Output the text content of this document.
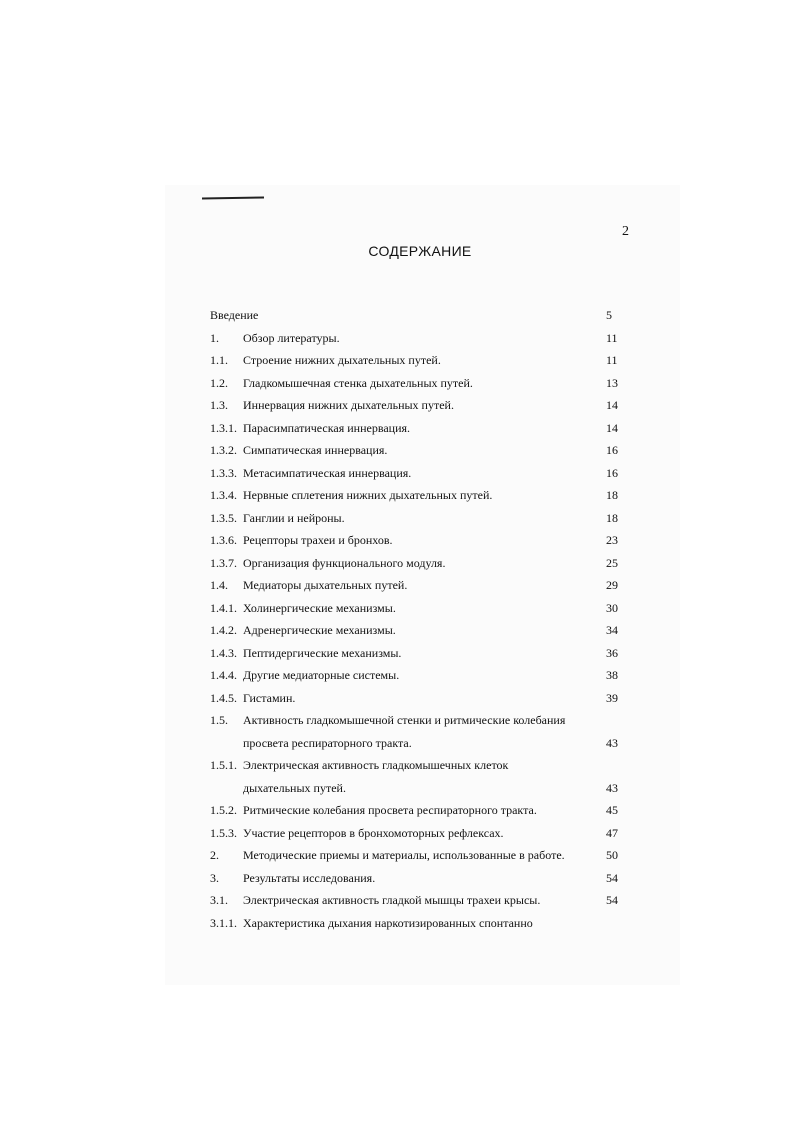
2
СОДЕРЖАНИЕ
Введение	5
1. Обзор литературы.	11
1.1. Строение нижних дыхательных путей.	11
1.2. Гладкомышечная стенка дыхательных путей.	13
1.3. Иннервация нижних дыхательных путей.	14
1.3.1. Парасимпатическая иннервация.	14
1.3.2. Симпатическая иннервация.	16
1.3.3. Метасимпатическая иннервация.	16
1.3.4. Нервные сплетения нижних дыхательных путей.	18
1.3.5. Ганглии и нейроны.	18
1.3.6. Рецепторы трахеи и бронхов.	23
1.3.7. Организация функционального модуля.	25
1.4. Медиаторы дыхательных путей.	29
1.4.1. Холинергические механизмы.	30
1.4.2. Адренергические механизмы.	34
1.4.3. Пептидергические механизмы.	36
1.4.4. Другие медиаторные системы.	38
1.4.5. Гистамин.	39
1.5. Активность гладкомышечной стенки и ритмические колебания
просвета респираторного тракта.	43
1.5.1. Электрическая активность гладкомышечных клеток
дыхательных путей.	43
1.5.2. Ритмические колебания просвета респираторного тракта.	45
1.5.3. Участие рецепторов в бронхомоторных рефлексах.	47
2. Методические приемы и материалы, использованные в работе.	50
3. Результаты исследования.	54
3.1. Электрическая активность гладкой мышцы трахеи крысы.	54
3.1.1. Характеристика дыхания наркотизированных спонтанно
